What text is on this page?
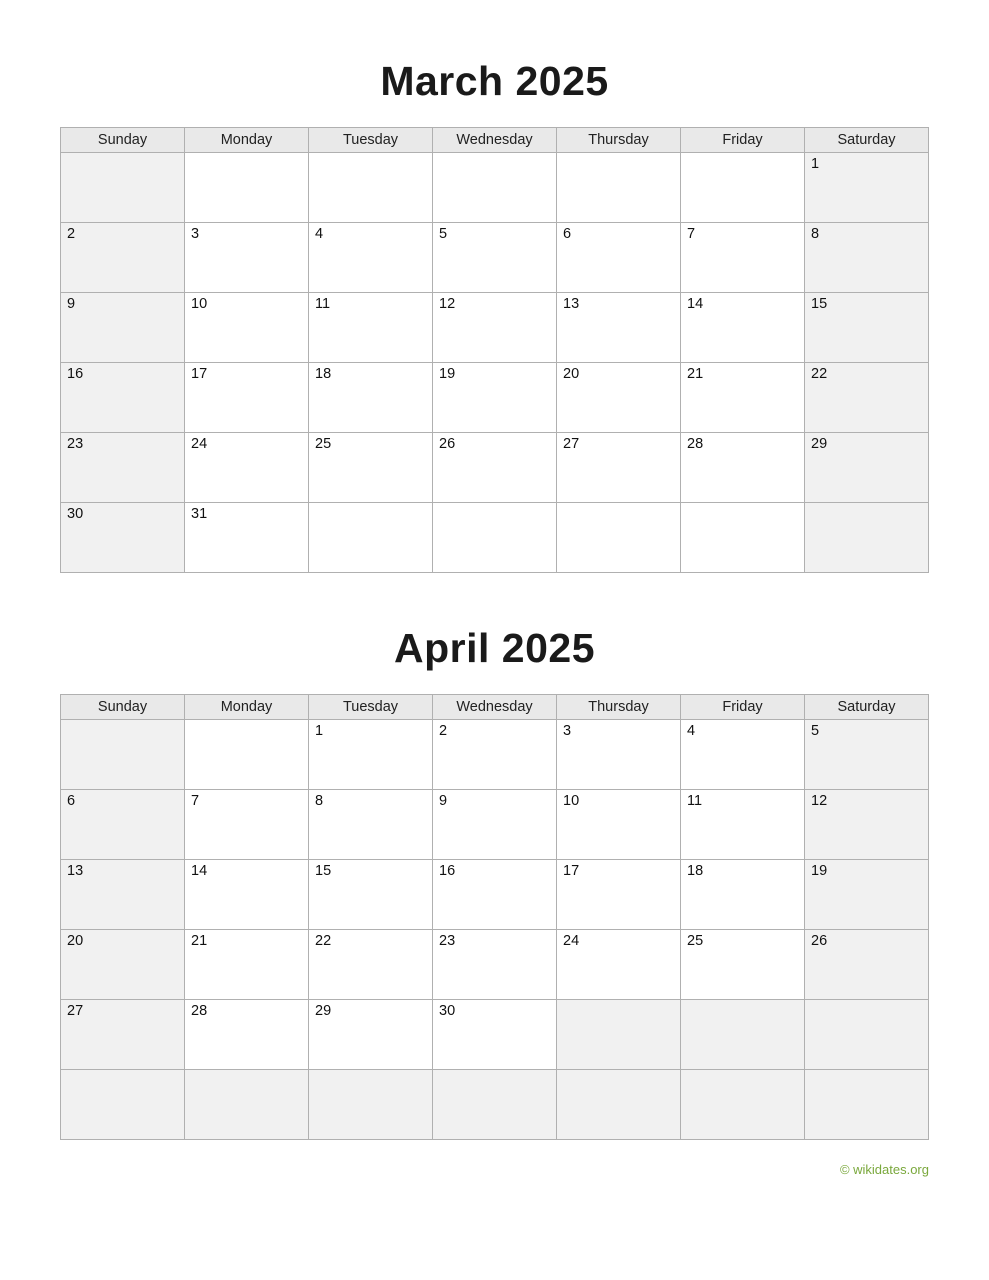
March 2025
Sunday	Monday	Tuesday	Wednesday	Thursday	Friday	Saturday

						1

2	3	4	5	6	7	8

9	10	11	12	13	14	15

16	17	18	19	20	21	22

23	24	25	26	27	28	29

30	31					

April 2025
Sunday	Monday	Tuesday	Wednesday	Thursday	Friday	Saturday

		1	2	3	4	5

6	7	8	9	10	11	12

13	14	15	16	17	18	19

20	21	22	23	24	25	26

27	28	29	30			

© wikidates.org
